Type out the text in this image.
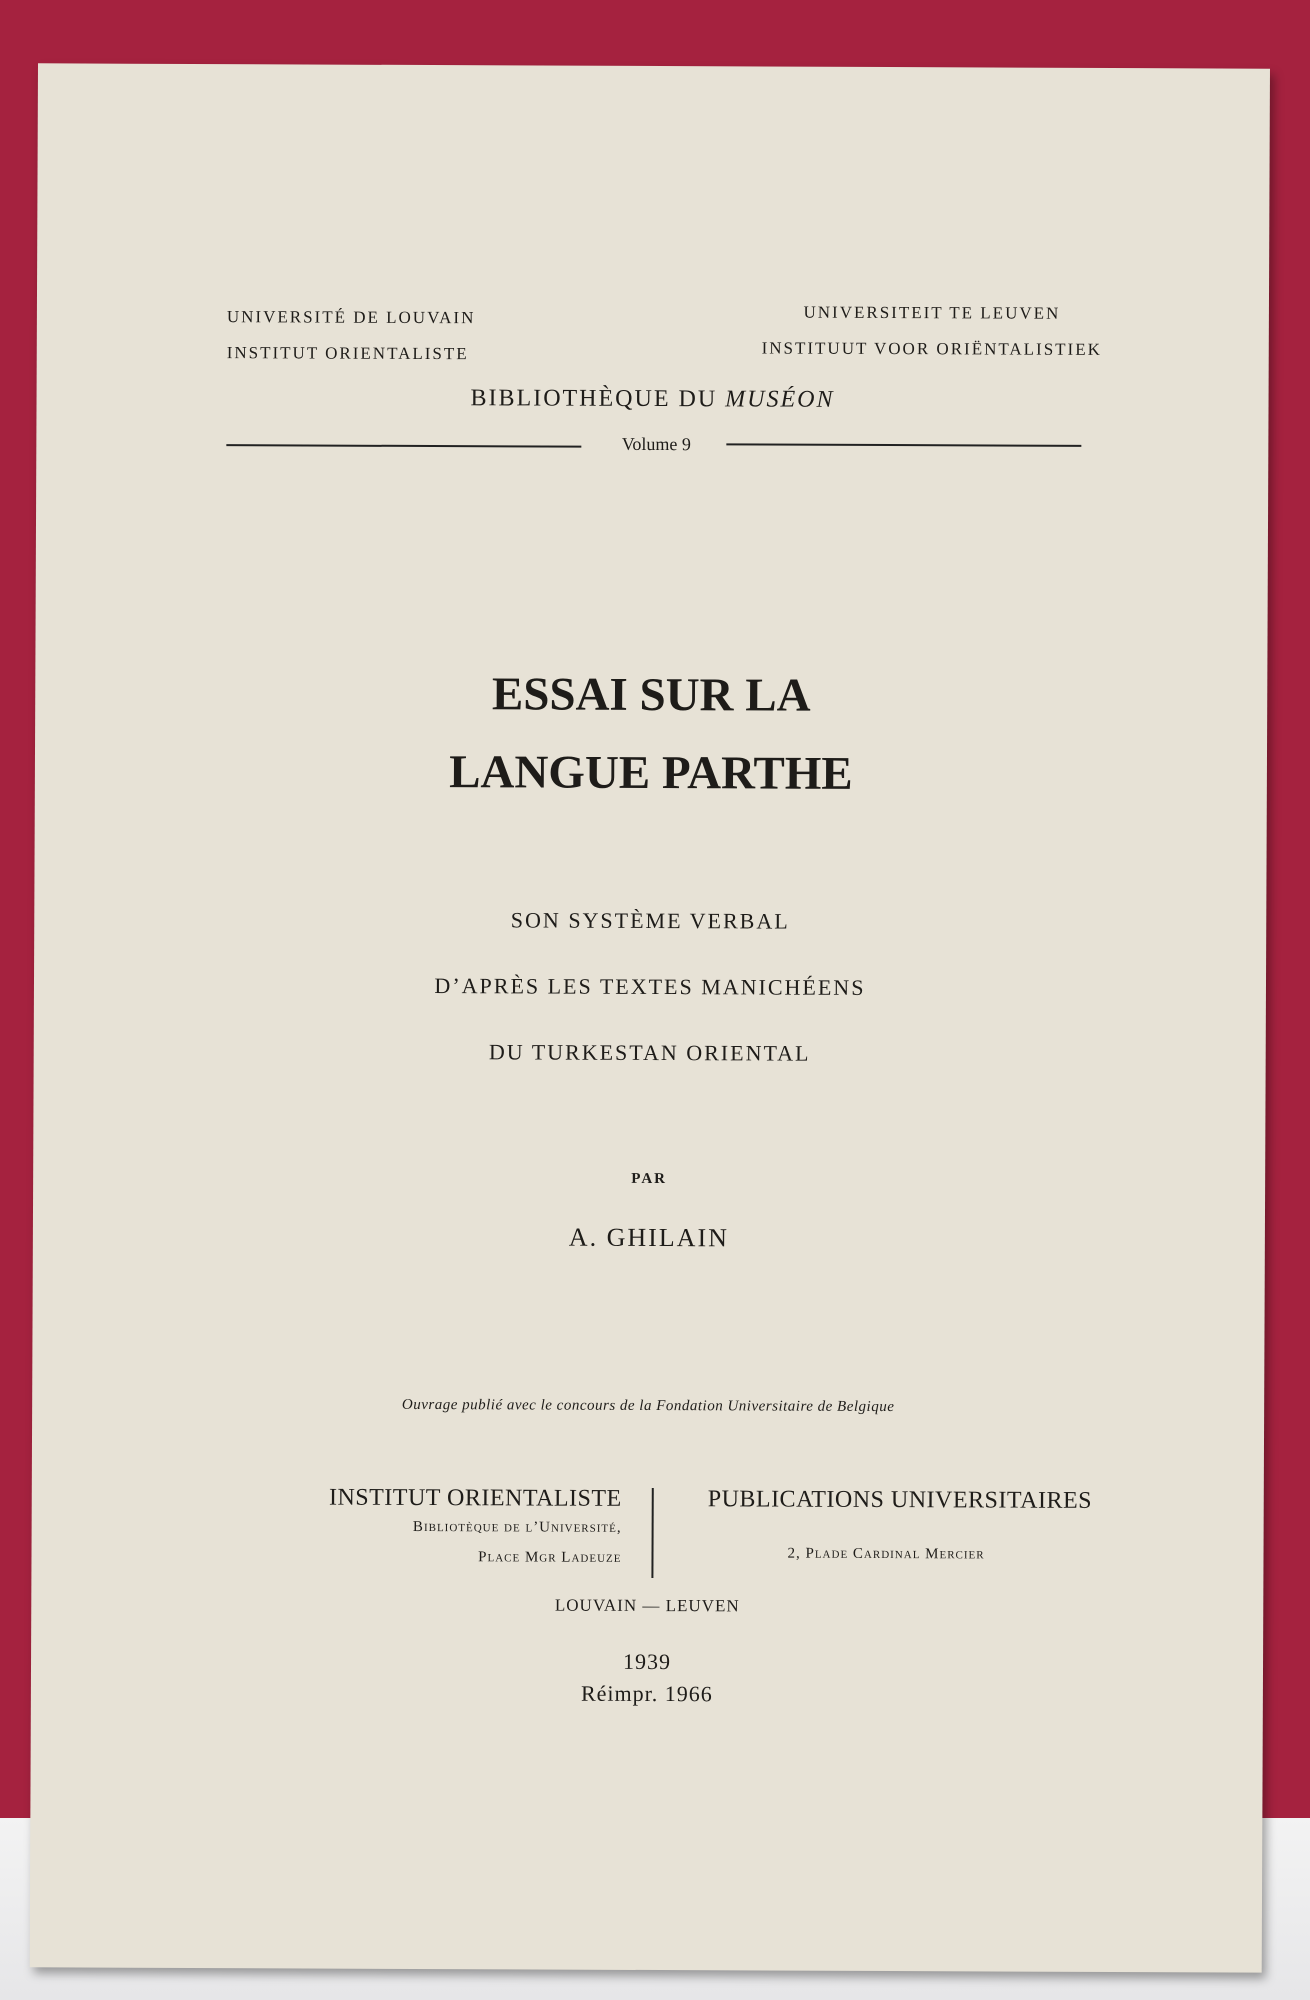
UNIVERSITÉ DE LOUVAIN
INSTITUT ORIENTALISTE
UNIVERSITEIT TE LEUVEN
INSTITUUT VOOR ORIËNTALISTIEK
BIBLIOTHÈQUE DU MUSÉON
Volume 9
ESSAI SUR LA
LANGUE PARTHE
SON SYSTÈME VERBAL
D’APRÈS LES TEXTES MANICHÉENS
DU TURKESTAN ORIENTAL
PAR
A. GHILAIN
Ouvrage publié avec le concours de la Fondation Universitaire de Belgique
INSTITUT ORIENTALISTE
Bibliotèque de l’Université,
Place Mgr Ladeuze
PUBLICATIONS UNIVERSITAIRES
2, Plade Cardinal Mercier
LOUVAIN — LEUVEN
1939
Réimpr. 1966
